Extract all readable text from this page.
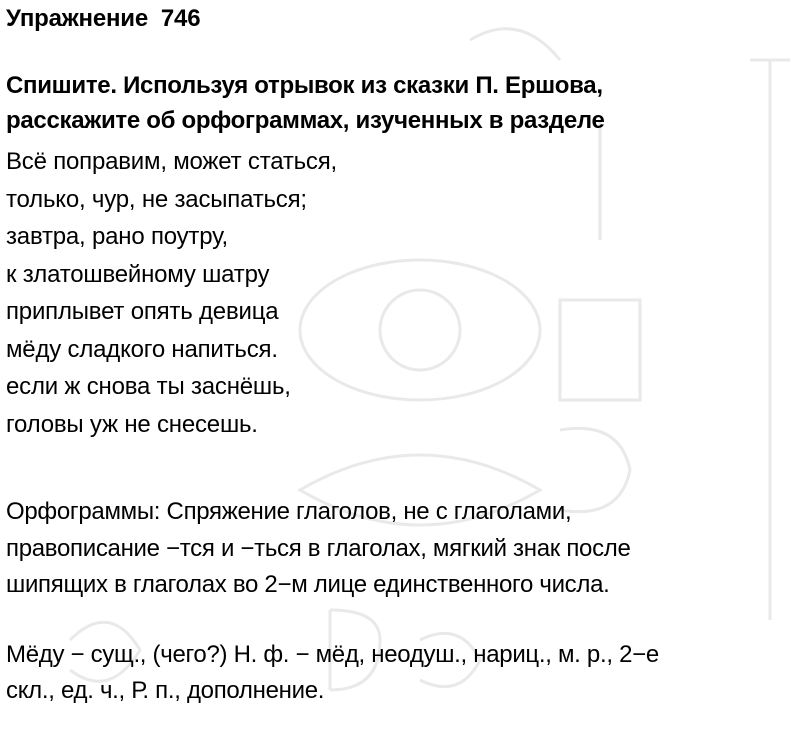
Упражнение  746
Спишите. Используя отрывок из сказки П. Ершова,
расскажите об орфограммах, изученных в разделе
Всё поправим, может статься,
только, чур, не засыпаться;
завтра, рано поутру,
к златошвейному шатру
приплывет опять девица
мёду сладкого напиться.
если ж снова ты заснёшь,
головы уж не снесешь.
Орфограммы: Спряжение глаголов, не с глаголами,
правописание −тся и −ться в глаголах, мягкий знак после
шипящих в глаголах во 2−м лице единственного числа.
Мёду − сущ., (чего?) Н. ф. − мёд, неодуш., нариц., м. р., 2−е
скл., ед. ч., Р. п., дополнение.
